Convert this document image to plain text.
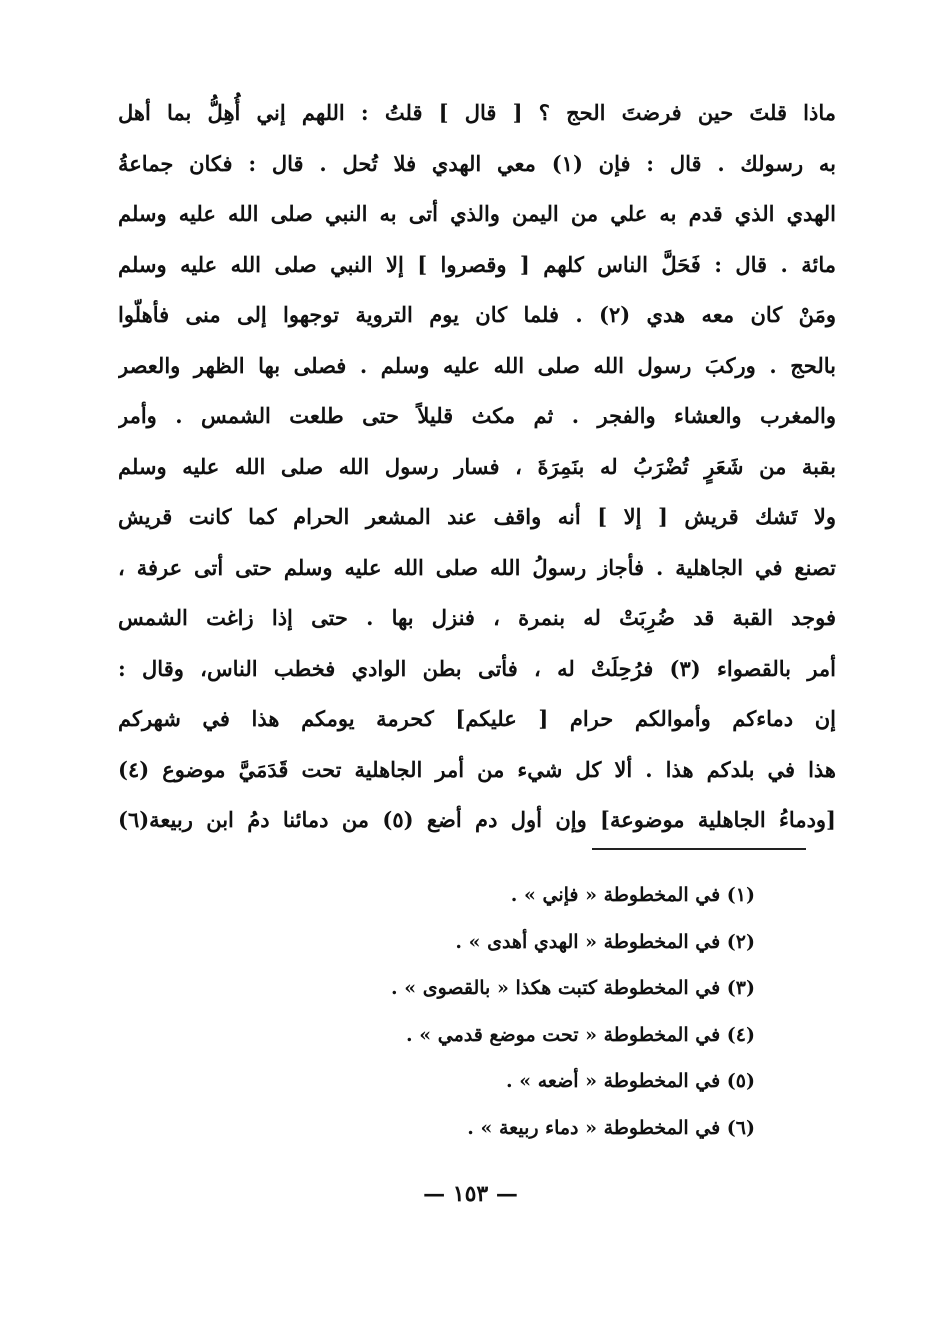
ماذا قلتَ حين فرضتَ الحج ؟ [ قال ] قلتُ : اللهم إني أُهِلُّ بما أهل
به رسولك . قال : فإن (١) معي الهدي فلا تُحل . قال : فكان جماعةُ
الهدي الذي قدم به علي من اليمن والذي أتى به النبي صلى الله عليه وسلم
مائة . قال : فَحَلَّ الناس كلهم [ وقصروا ] إلا النبي صلى الله عليه وسلم
ومَنْ كان معه هدي (٢) . فلما كان يوم التروية توجهوا إلى منى فأهلّوا
بالحج . وركبَ رسول الله صلى الله عليه وسلم . فصلى بها الظهر والعصر
والمغرب والعشاء والفجر . ثم مكث قليلاً حتى طلعت الشمس . وأمر
بقبة من شَعَرٍ تُضْرَبُ له بنَمِرَةَ ، فسار رسول الله صلى الله عليه وسلم
ولا تَشك قريش [ إلا ] أنه واقف عند المشعر الحرام كما كانت قريش
تصنع في الجاهلية . فأجاز رسولُ الله صلى الله عليه وسلم حتى أتى عرفة ،
فوجد القبة قد ضُرِبَتْ له بنمرة ، فنزل بها . حتى إذا زاغت الشمس
أمر بالقصواء (٣) فرُحِلَتْ له ، فأتى بطن الوادي فخطب الناس، وقال :
إن دماءكم وأموالكم حرام [ عليكم] كحرمة يومكم هذا في شهركم
هذا في بلدكم هذا . ألا كل شيء من أمر الجاهلية تحت قَدَمَيَّ موضوع (٤)
[ودماءُ الجاهلية موضوعة] وإن أول دم أضع (٥) من دمائنا دمُ ابن ربيعة(٦)
(١) في المخطوطة « فإني » .
(٢) في المخطوطة « الهدي أهدى » .
(٣) في المخطوطة كتبت هكذا « بالقصوى » .
(٤) في المخطوطة « تحت موضع قدمي » .
(٥) في المخطوطة « أضعه » .
(٦) في المخطوطة « دماء ربيعة » .
— ١٥٣ —
